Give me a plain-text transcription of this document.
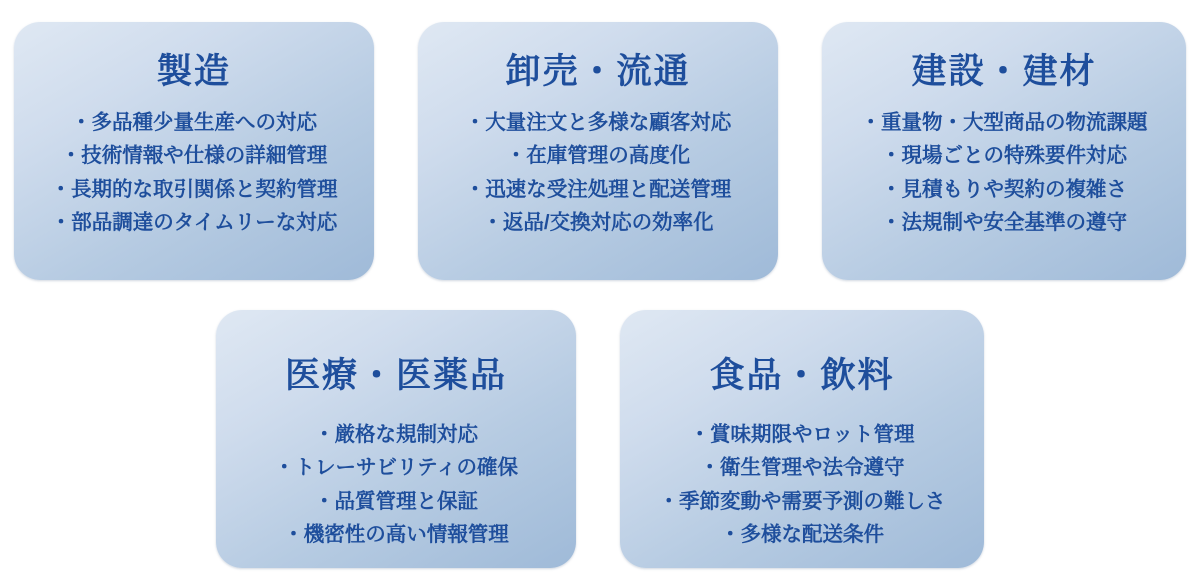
製造
・多品種少量生産への対応
・技術情報や仕様の詳細管理
・長期的な取引関係と契約管理
・部品調達のタイムリーな対応
卸売・流通
・大量注文と多様な顧客対応
・在庫管理の高度化
・迅速な受注処理と配送管理
・返品/交換対応の効率化
建設・建材
・重量物・大型商品の物流課題
・現場ごとの特殊要件対応
・見積もりや契約の複雑さ
・法規制や安全基準の遵守
医療・医薬品
・厳格な規制対応
・トレーサビリティの確保
・品質管理と保証
・機密性の高い情報管理
食品・飲料
・賞味期限やロット管理
・衛生管理や法令遵守
・季節変動や需要予測の難しさ
・多様な配送条件
